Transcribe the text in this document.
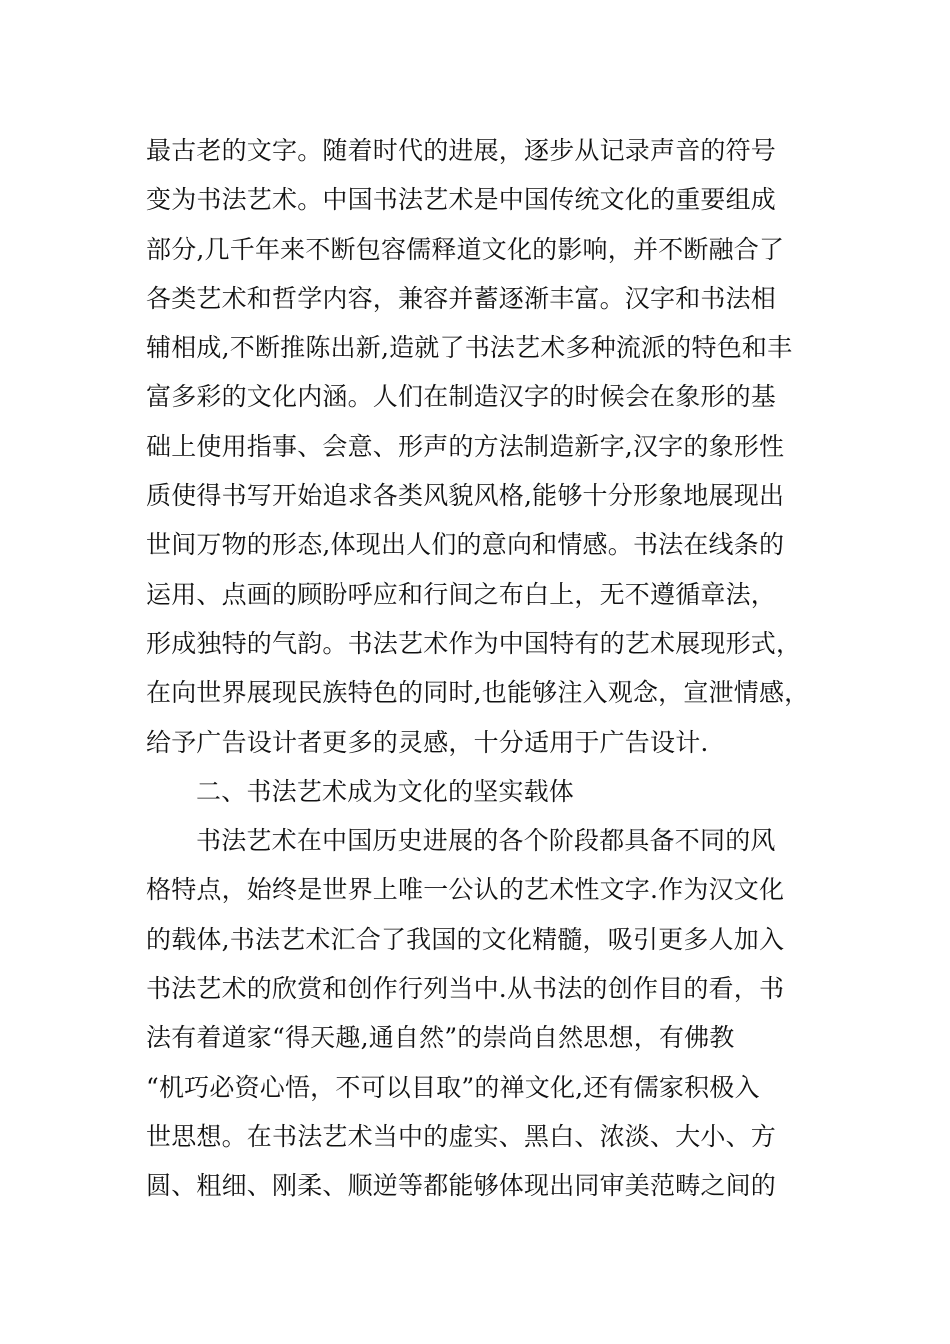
最古老的文字。随着时代的进展，逐步从记录声音的符号
变为书法艺术。中国书法艺术是中国传统文化的重要组成
部分,几千年来不断包容儒释道文化的影响，并不断融合了
各类艺术和哲学内容，兼容并蓄逐渐丰富。汉字和书法相
辅相成,不断推陈出新,造就了书法艺术多种流派的特色和丰
富多彩的文化内涵。人们在制造汉字的时候会在象形的基
础上使用指事、会意、形声的方法制造新字,汉字的象形性
质使得书写开始追求各类风貌风格,能够十分形象地展现出
世间万物的形态,体现出人们的意向和情感。书法在线条的
运用、点画的顾盼呼应和行间之布白上，无不遵循章法，
形成独特的气韵。书法艺术作为中国特有的艺术展现形式，
在向世界展现民族特色的同时,也能够注入观念，宣泄情感，
给予广告设计者更多的灵感，十分适用于广告设计.
二、书法艺术成为文化的坚实载体
书法艺术在中国历史进展的各个阶段都具备不同的风
格特点，始终是世界上唯一公认的艺术性文字.作为汉文化
的载体,书法艺术汇合了我国的文化精髓，吸引更多人加入
书法艺术的欣赏和创作行列当中.从书法的创作目的看，书
法有着道家“得天趣,通自然”的崇尚自然思想，有佛教
“机巧必资心悟，不可以目取”的禅文化,还有儒家积极入
世思想。在书法艺术当中的虚实、黑白、浓淡、大小、方
圆、粗细、刚柔、顺逆等都能够体现出同审美范畴之间的
